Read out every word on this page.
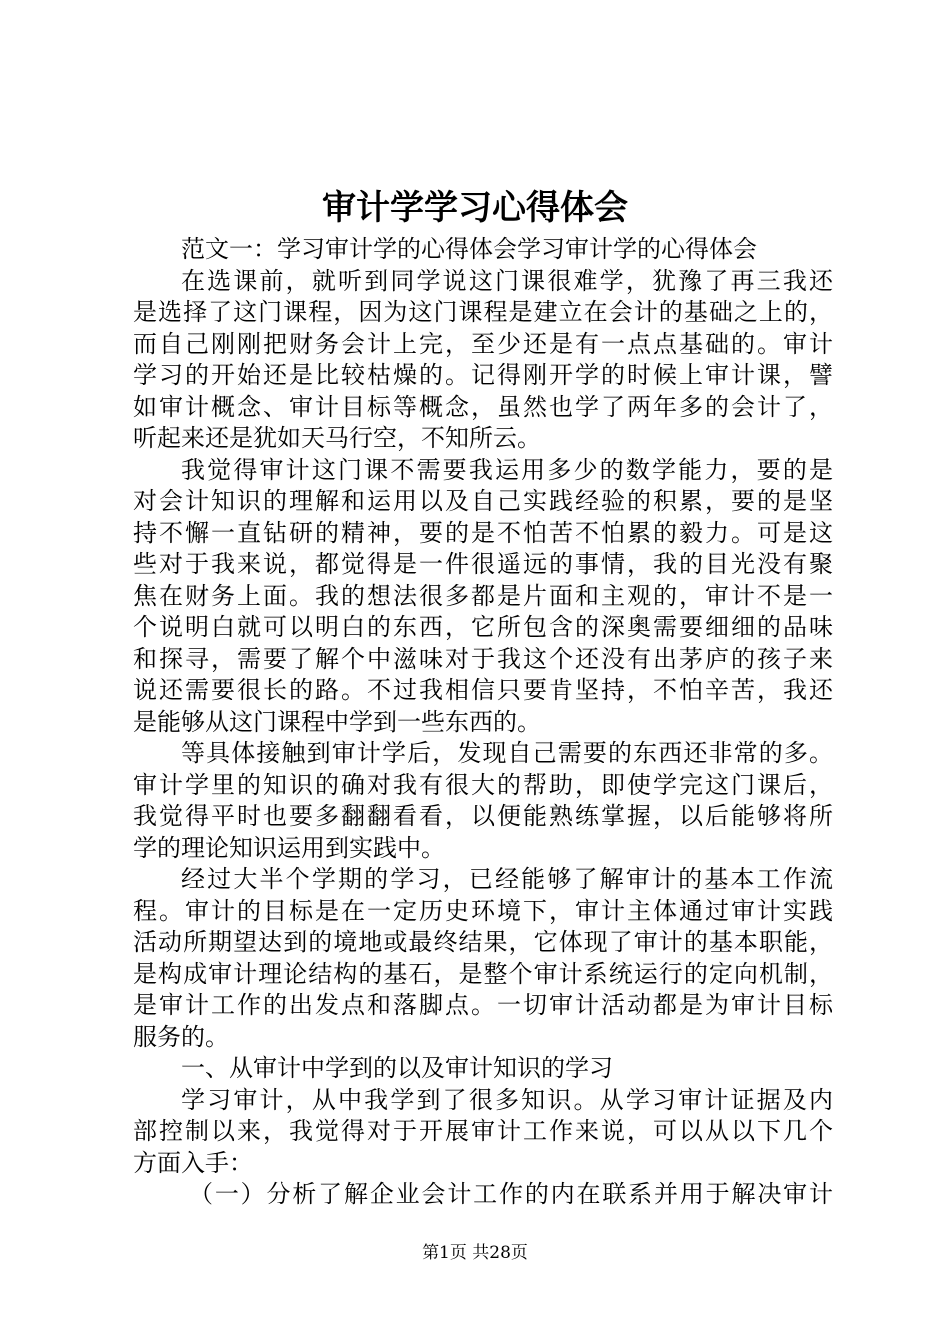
审计学学习心得体会
范文一：学习审计学的心得体会学习审计学的心得体会
在选课前，就听到同学说这门课很难学，犹豫了再三我还
是选择了这门课程，因为这门课程是建立在会计的基础之上的，
而自己刚刚把财务会计上完，至少还是有一点点基础的。审计
学习的开始还是比较枯燥的。记得刚开学的时候上审计课，譬
如审计概念、审计目标等概念，虽然也学了两年多的会计了，
听起来还是犹如天马行空，不知所云。
我觉得审计这门课不需要我运用多少的数学能力，要的是
对会计知识的理解和运用以及自己实践经验的积累，要的是坚
持不懈一直钻研的精神，要的是不怕苦不怕累的毅力。可是这
些对于我来说，都觉得是一件很遥远的事情，我的目光没有聚
焦在财务上面。我的想法很多都是片面和主观的，审计不是一
个说明白就可以明白的东西，它所包含的深奥需要细细的品味
和探寻，需要了解个中滋味对于我这个还没有出茅庐的孩子来
说还需要很长的路。不过我相信只要肯坚持，不怕辛苦，我还
是能够从这门课程中学到一些东西的。
等具体接触到审计学后，发现自己需要的东西还非常的多。
审计学里的知识的确对我有很大的帮助，即使学完这门课后，
我觉得平时也要多翻翻看看，以便能熟练掌握，以后能够将所
学的理论知识运用到实践中。
经过大半个学期的学习，已经能够了解审计的基本工作流
程。审计的目标是在一定历史环境下，审计主体通过审计实践
活动所期望达到的境地或最终结果，它体现了审计的基本职能，
是构成审计理论结构的基石，是整个审计系统运行的定向机制，
是审计工作的出发点和落脚点。一切审计活动都是为审计目标
服务的。
一、从审计中学到的以及审计知识的学习
学习审计，从中我学到了很多知识。从学习审计证据及内
部控制以来，我觉得对于开展审计工作来说，可以从以下几个
方面入手：
（一）分析了解企业会计工作的内在联系并用于解决审计
第1页 共28页
